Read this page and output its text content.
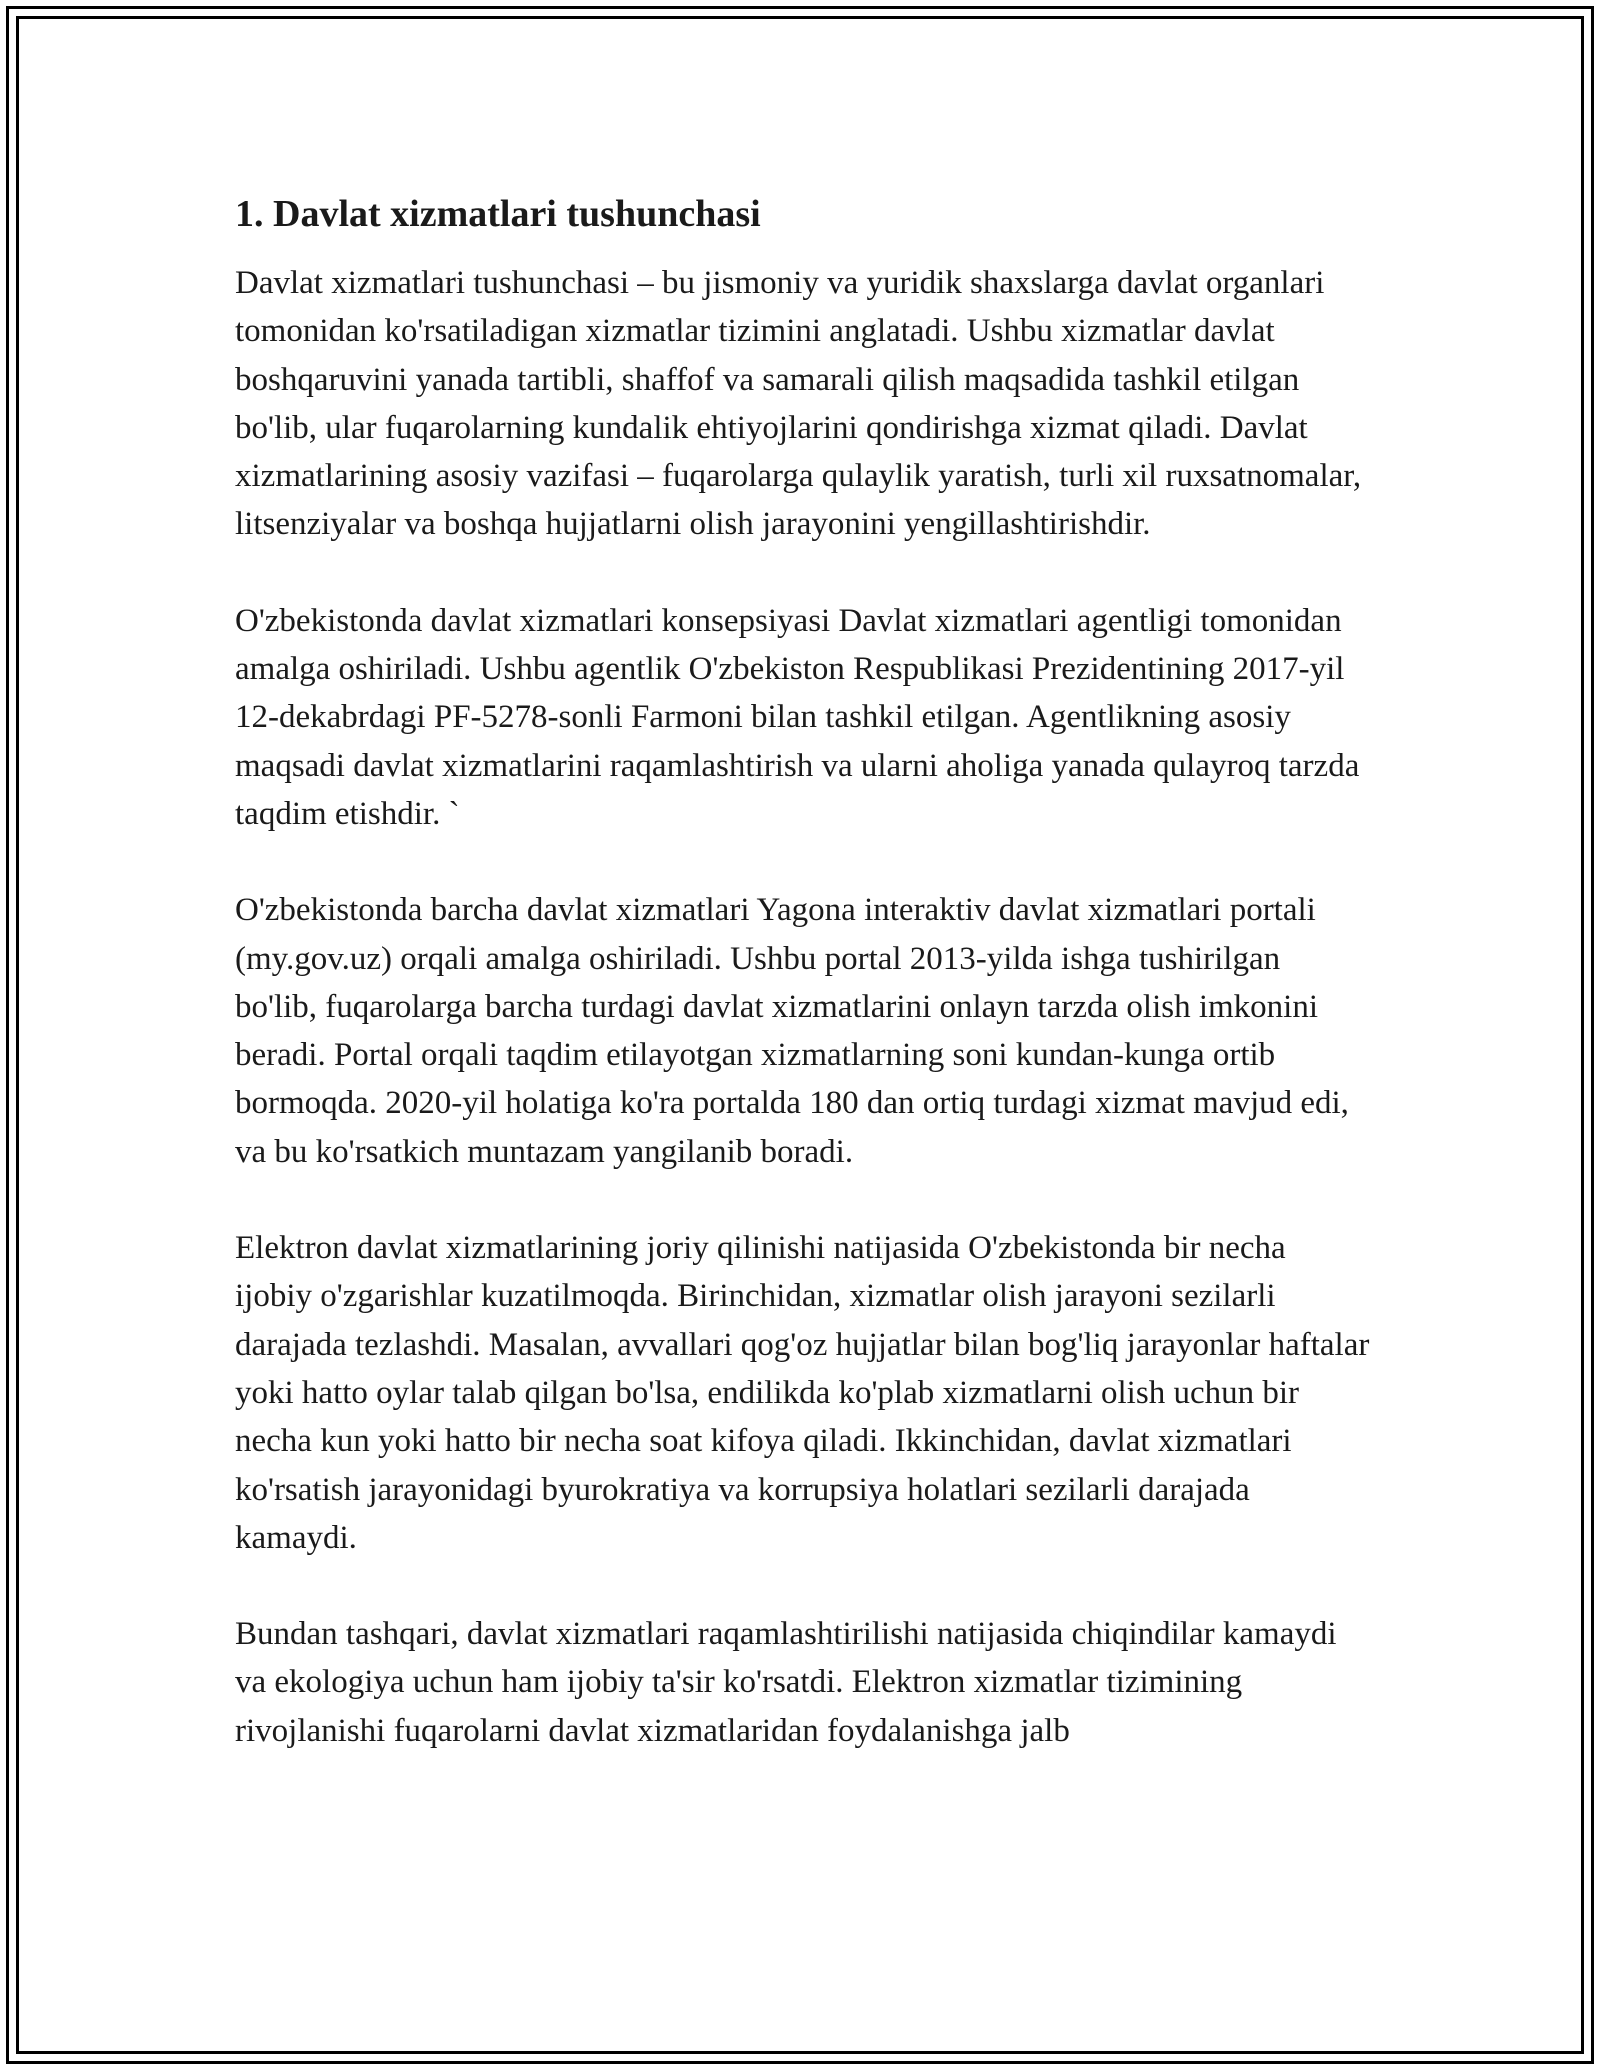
1. Davlat xizmatlari tushunchasi

Davlat xizmatlari tushunchasi – bu jismoniy va yuridik shaxslarga davlat organlari tomonidan ko'rsatiladigan xizmatlar tizimini anglatadi. Ushbu xizmatlar davlat boshqaruvini yanada tartibli, shaffof va samarali qilish maqsadida tashkil etilgan bo'lib, ular fuqarolarning kundalik ehtiyojlarini qondirishga xizmat qiladi. Davlat xizmatlarining asosiy vazifasi – fuqarolarga qulaylik yaratish, turli xil ruxsatnomalar, litsenziyalar va boshqa hujjatlarni olish jarayonini yengillashtirishdir.

O'zbekistonda davlat xizmatlari konsepsiyasi Davlat xizmatlari agentligi tomonidan amalga oshiriladi. Ushbu agentlik O'zbekiston Respublikasi Prezidentining 2017-yil 12-dekabrdagi PF-5278-sonli Farmoni bilan tashkil etilgan. Agentlikning asosiy maqsadi davlat xizmatlarini raqamlashtirish va ularni aholiga yanada qulayroq tarzda taqdim etishdir. `

O'zbekistonda barcha davlat xizmatlari Yagona interaktiv davlat xizmatlari portali (my.gov.uz) orqali amalga oshiriladi. Ushbu portal 2013-yilda ishga tushirilgan bo'lib, fuqarolarga barcha turdagi davlat xizmatlarini onlayn tarzda olish imkonini beradi. Portal orqali taqdim etilayotgan xizmatlarning soni kundan-kunga ortib bormoqda. 2020-yil holatiga ko'ra portalda 180 dan ortiq turdagi xizmat mavjud edi, va bu ko'rsatkich muntazam yangilanib boradi.

Elektron davlat xizmatlarining joriy qilinishi natijasida O'zbekistonda bir necha ijobiy o'zgarishlar kuzatilmoqda. Birinchidan, xizmatlar olish jarayoni sezilarli darajada tezlashdi. Masalan, avvallari qog'oz hujjatlar bilan bog'liq jarayonlar haftalar yoki hatto oylar talab qilgan bo'lsa, endilikda ko'plab xizmatlarni olish uchun bir necha kun yoki hatto bir necha soat kifoya qiladi. Ikkinchidan, davlat xizmatlari ko'rsatish jarayonidagi byurokratiya va korrupsiya holatlari sezilarli darajada kamaydi.

Bundan tashqari, davlat xizmatlari raqamlashtirilishi natijasida chiqindilar kamaydi va ekologiya uchun ham ijobiy ta'sir ko'rsatdi. Elektron xizmatlar tizimining rivojlanishi fuqarolarni davlat xizmatlaridan foydalanishga jalb
